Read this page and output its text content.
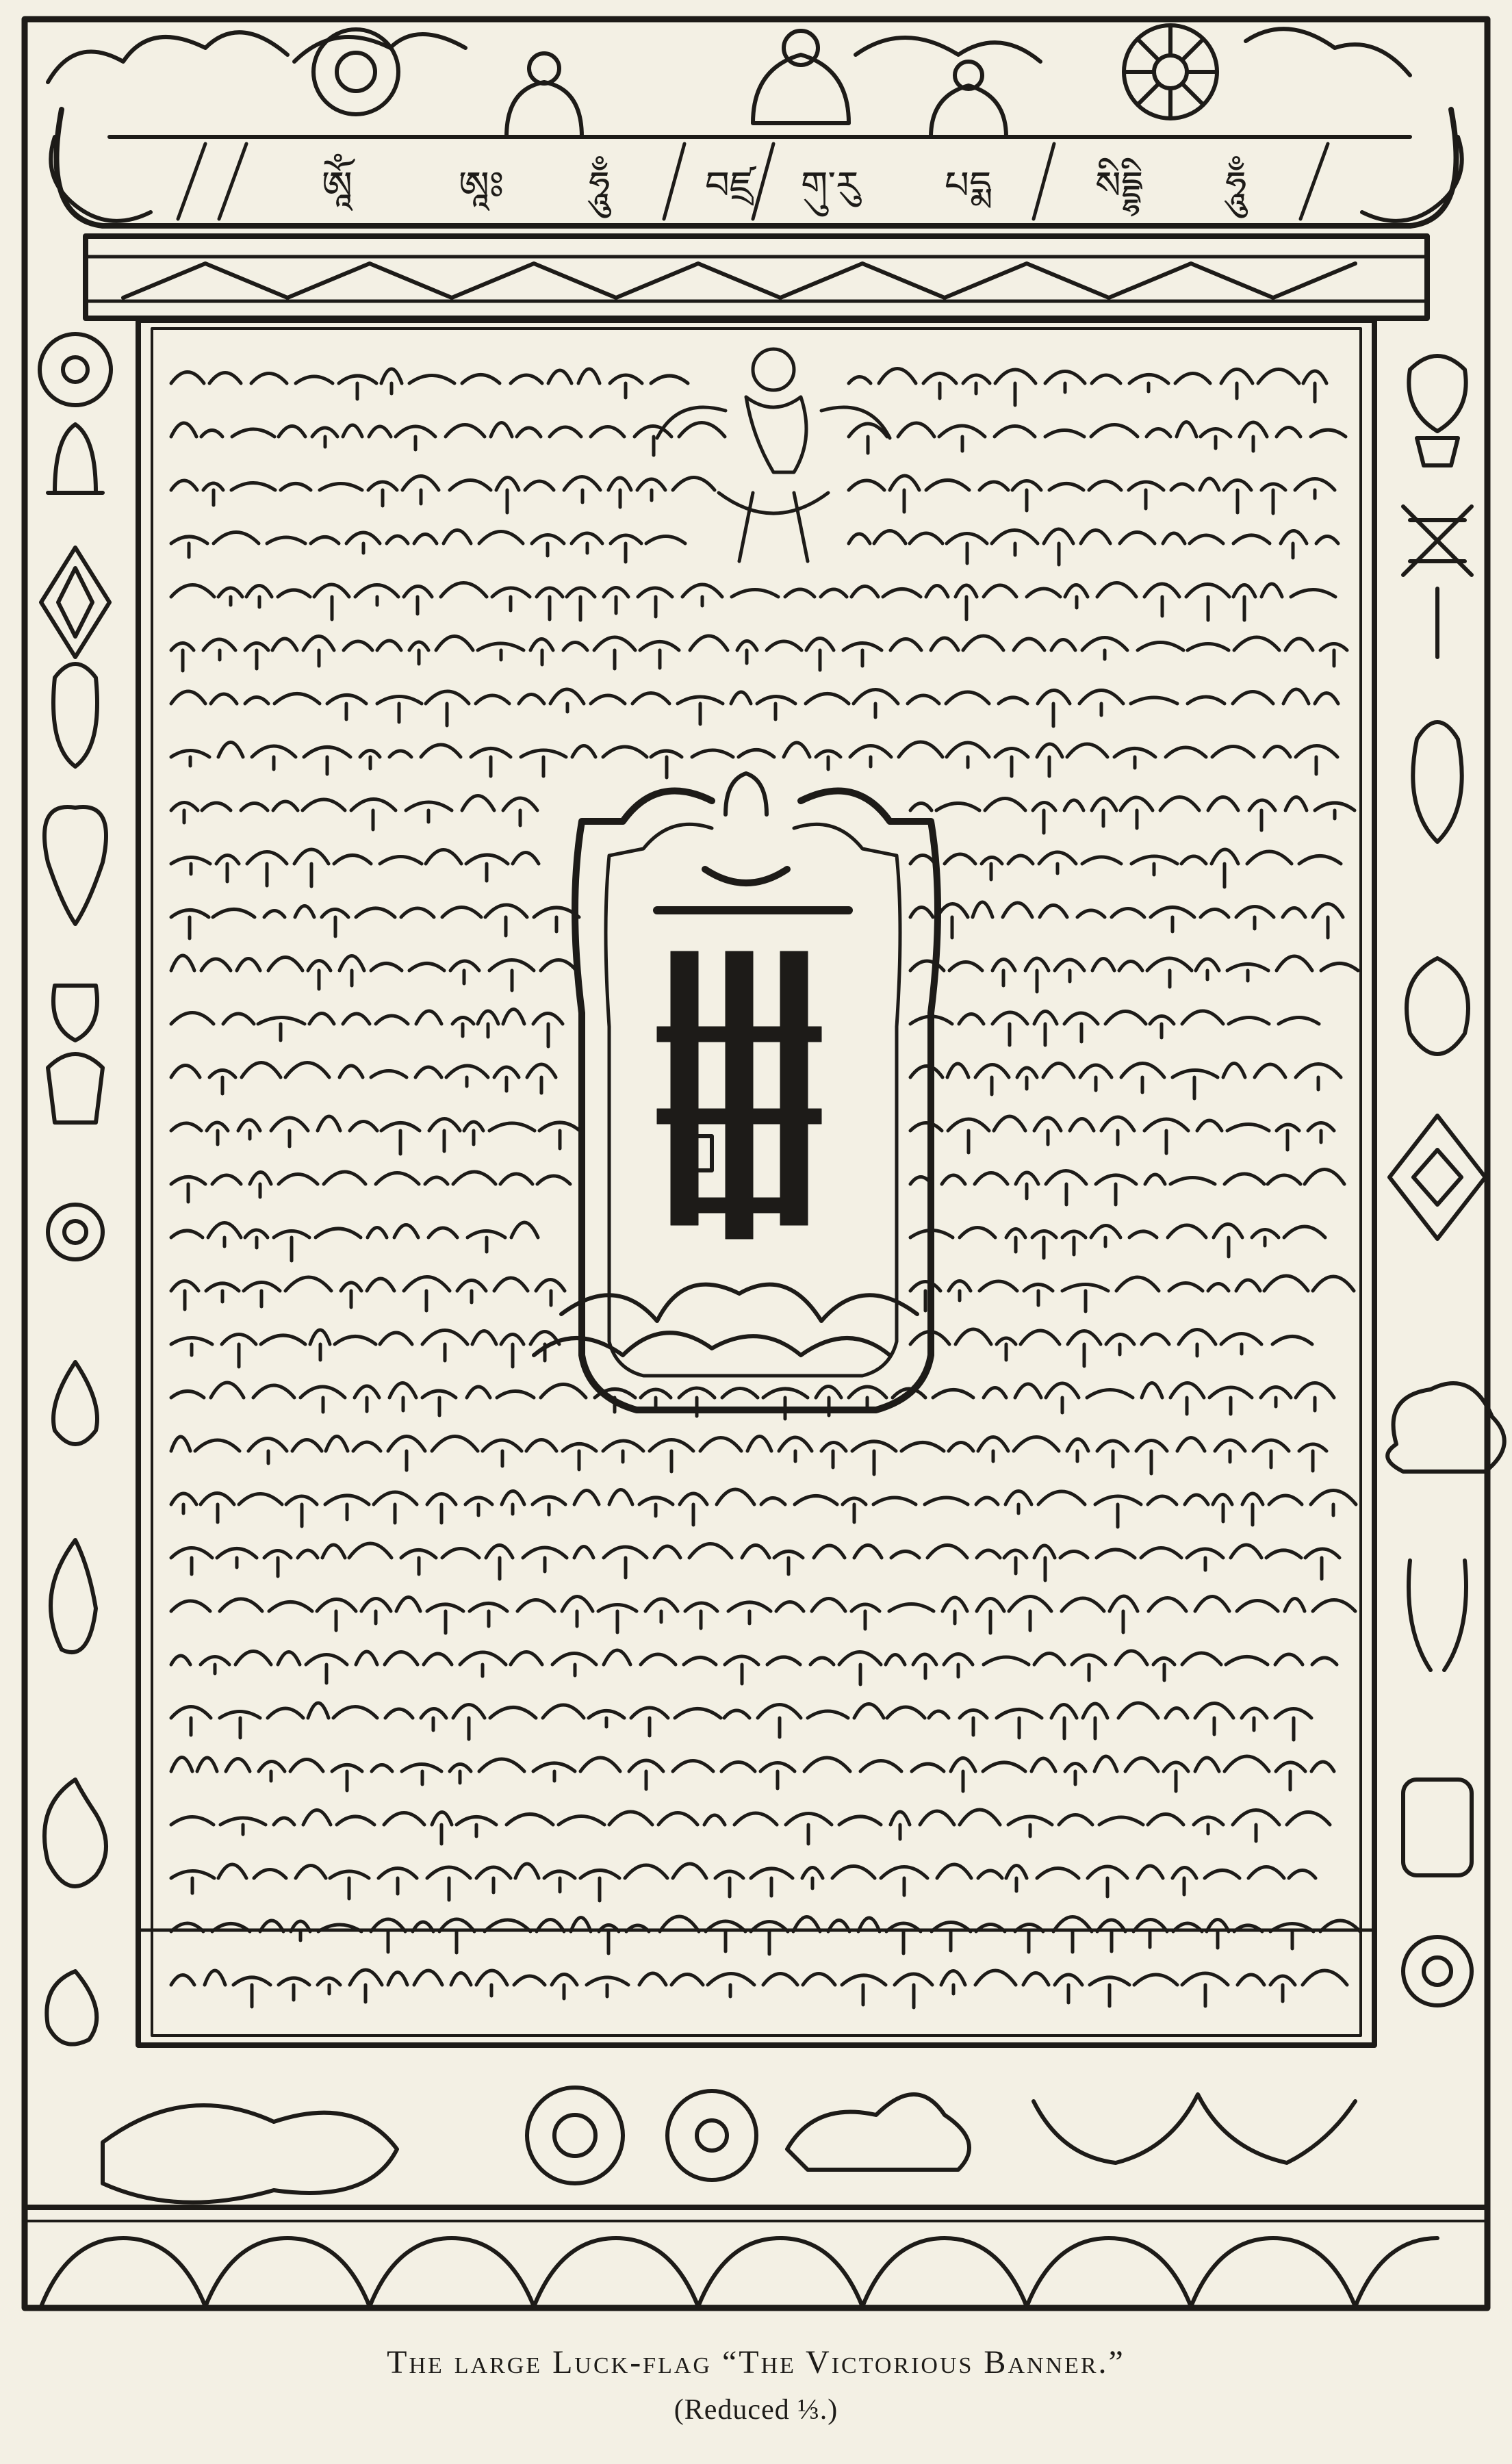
ཨཱོཾ	ཨཱཿ ཧཱུྃ བཛྲ གུ་རུ པདྨ	སིདྡྷི ཧཱུྃ
The large Luck-flag “The Victorious Banner.”
(Reduced ⅓.)
